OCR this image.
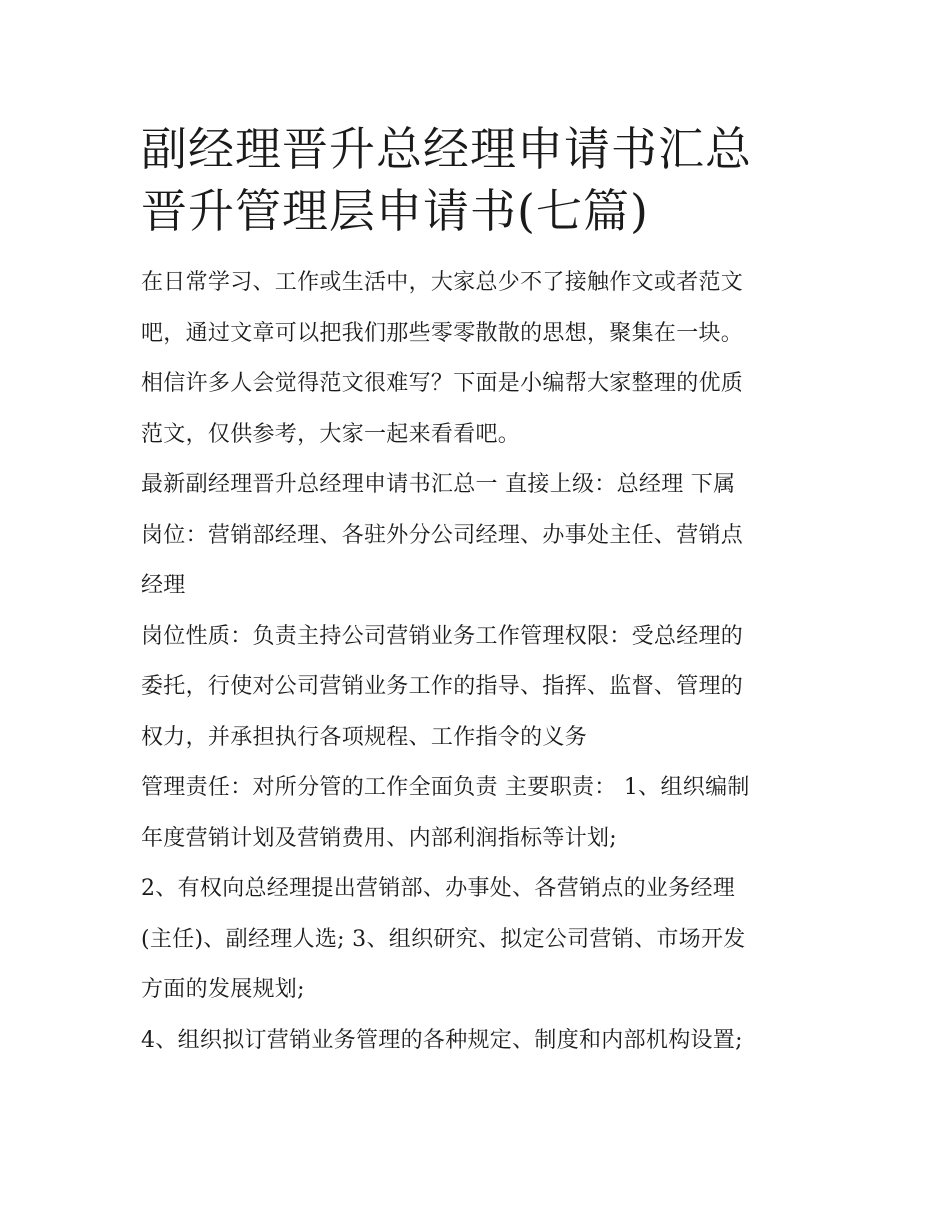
副经理晋升总经理申请书汇总
晋升管理层申请书(七篇)

在日常学习、工作或生活中，大家总少不了接触作文或者范文
吧，通过文章可以把我们那些零零散散的思想，聚集在一块。
相信许多人会觉得范文很难写？下面是小编帮大家整理的优质
范文，仅供参考，大家一起来看看吧。

最新副经理晋升总经理申请书汇总一 直接上级：总经理 下属
岗位：营销部经理、各驻外分公司经理、办事处主任、营销点
经理

岗位性质：负责主持公司营销业务工作管理权限：受总经理的
委托，行使对公司营销业务工作的指导、指挥、监督、管理的
权力，并承担执行各项规程、工作指令的义务

管理责任：对所分管的工作全面负责 主要职责： 1、组织编制
年度营销计划及营销费用、内部利润指标等计划;

2、有权向总经理提出营销部、办事处、各营销点的业务经理
(主任)、副经理人选; 3、组织研究、拟定公司营销、市场开发
方面的发展规划;

4、组织拟订营销业务管理的各种规定、制度和内部机构设置;
